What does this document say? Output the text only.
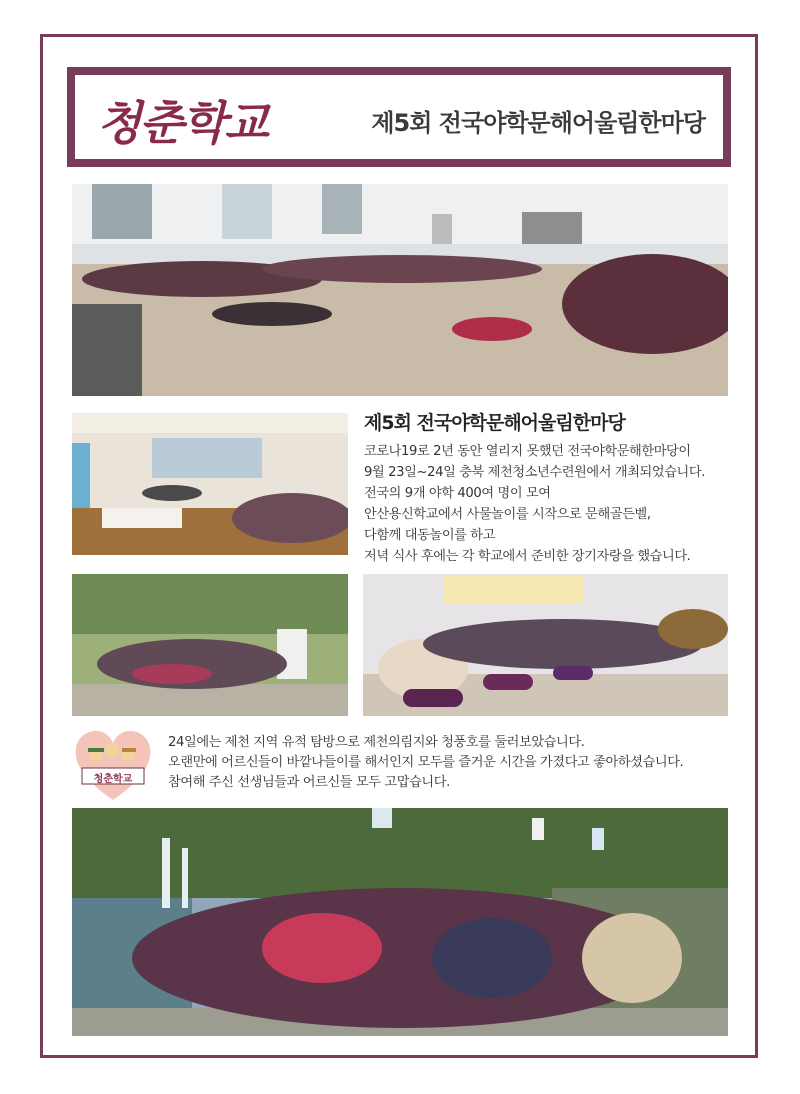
청춘학교	제5회 전국야학문해어울림한마당
제5회 전국야학문해어울림한마당

코로나19로 2년 동안 열리지 못했던 전국야학문해한마당이

9월 23일~24일 충북 제천청소년수련원에서 개최되었습니다.

전국의 9개 야학 400여 명이 모여

안산용신학교에서 사물놀이를 시작으로 문해골든벨,

다함께 대동놀이를 하고

저녁 식사 후에는 각 학교에서 준비한 장기자랑을 했습니다.

청춘학교

24일에는 제천 지역 유적 탐방으로 제천의림지와 청풍호를 둘러보았습니다.

오랜만에 어르신들이 바깥나들이를 해서인지 모두를 즐거운 시간을 가졌다고 좋아하셨습니다.

참여해 주신 선생님들과 어르신들 모두 고맙습니다.
